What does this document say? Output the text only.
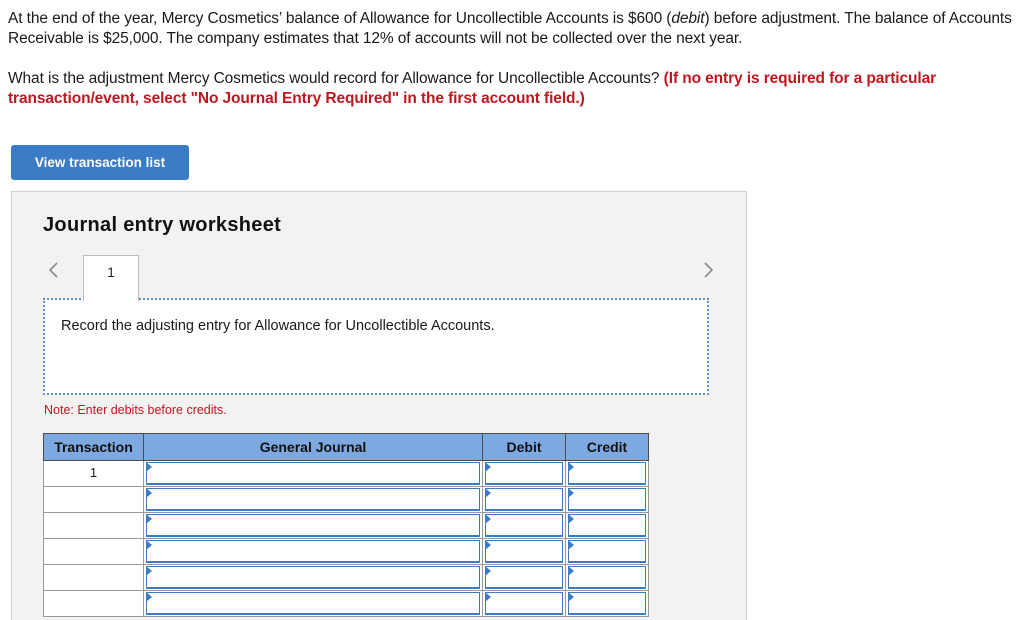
At the end of the year, Mercy Cosmetics’ balance of Allowance for Uncollectible Accounts is $600 (debit) before adjustment. The balance of Accounts Receivable is $25,000. The company estimates that 12% of accounts will not be collected over the next year.

What is the adjustment Mercy Cosmetics would record for Allowance for Uncollectible Accounts? (If no entry is required for a particular transaction/event, select "No Journal Entry Required" in the first account field.)

View transaction list
Journal entry worksheet
1
Record the adjusting entry for Allowance for Uncollectible Accounts.
Note: Enter debits before credits.
Transaction	General Journal	Debit	Credit
1	
